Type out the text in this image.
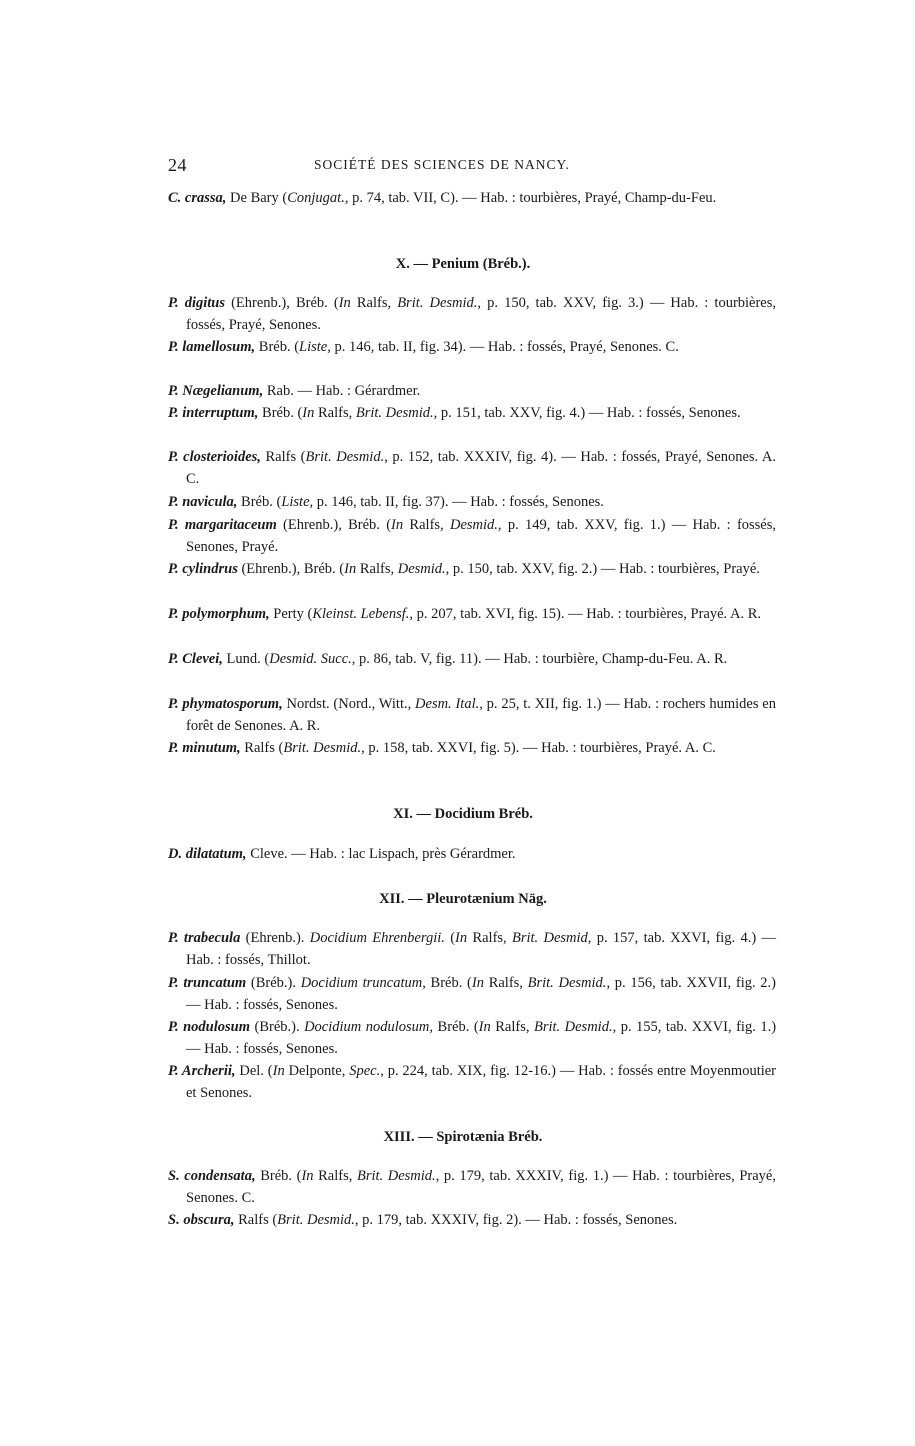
24	SOCIÉTÉ DES SCIENCES DE NANCY.
C. crassa, De Bary (Conjugat., p. 74, tab. VII, C). — Hab. : tourbières, Prayé, Champ-du-Feu.
X. — Penium (Bréb.).
P. digitus (Ehrenb.), Bréb. (In Ralfs, Brit. Desmid., p. 150, tab. XXV, fig. 3.) — Hab. : tourbières, fossés, Prayé, Senones.
P. lamellosum, Bréb. (Liste, p. 146, tab. II, fig. 34). — Hab. : fossés, Prayé, Senones. C.
P. Nægelianum, Rab. — Hab. : Gérardmer.
P. interruptum, Bréb. (In Ralfs, Brit. Desmid., p. 151, tab. XXV, fig. 4.) — Hab. : fossés, Senones.
P. closterioides, Ralfs (Brit. Desmid., p. 152, tab. XXXIV, fig. 4). — Hab. : fossés, Prayé, Senones. A. C.
P. navicula, Bréb. (Liste, p. 146, tab. II, fig. 37). — Hab. : fossés, Senones.
P. margaritaceum (Ehrenb.), Bréb. (In Ralfs, Desmid., p. 149, tab. XXV, fig. 1.) — Hab. : fossés, Senones, Prayé.
P. cylindrus (Ehrenb.), Bréb. (In Ralfs, Desmid., p. 150, tab. XXV, fig. 2.) — Hab. : tourbières, Prayé.
P. polymorphum, Perty (Kleinst. Lebensf., p. 207, tab. XVI, fig. 15). — Hab. : tourbières, Prayé. A. R.
P. Clevei, Lund. (Desmid. Succ., p. 86, tab. V, fig. 11). — Hab. : tourbière, Champ-du-Feu. A. R.
P. phymatosporum, Nordst. (Nord., Witt., Desm. Ital., p. 25, t. XII, fig. 1.) — Hab. : rochers humides en forêt de Senones. A. R.
P. minutum, Ralfs (Brit. Desmid., p. 158, tab. XXVI, fig. 5). — Hab. : tourbières, Prayé. A. C.
XI. — Docidium Bréb.
D. dilatatum, Cleve. — Hab. : lac Lispach, près Gérardmer.
XII. — Pleurotænium Näg.
P. trabecula (Ehrenb.). Docidium Ehrenbergii. (In Ralfs, Brit. Desmid, p. 157, tab. XXVI, fig. 4.) — Hab. : fossés, Thillot.
P. truncatum (Bréb.). Docidium truncatum, Bréb. (In Ralfs, Brit. Desmid., p. 156, tab. XXVII, fig. 2.) — Hab. : fossés, Senones.
P. nodulosum (Bréb.). Docidium nodulosum, Bréb. (In Ralfs, Brit. Desmid., p. 155, tab. XXVI, fig. 1.) — Hab. : fossés, Senones.
P. Archerii, Del. (In Delponte, Spec., p. 224, tab. XIX, fig. 12-16.) — Hab. : fossés entre Moyenmoutier et Senones.
XIII. — Spirotænia Bréb.
S. condensata, Bréb. (In Ralfs, Brit. Desmid., p. 179, tab. XXXIV, fig. 1.) — Hab. : tourbières, Prayé, Senones. C.
S. obscura, Ralfs (Brit. Desmid., p. 179, tab. XXXIV, fig. 2). — Hab. : fossés, Senones.
